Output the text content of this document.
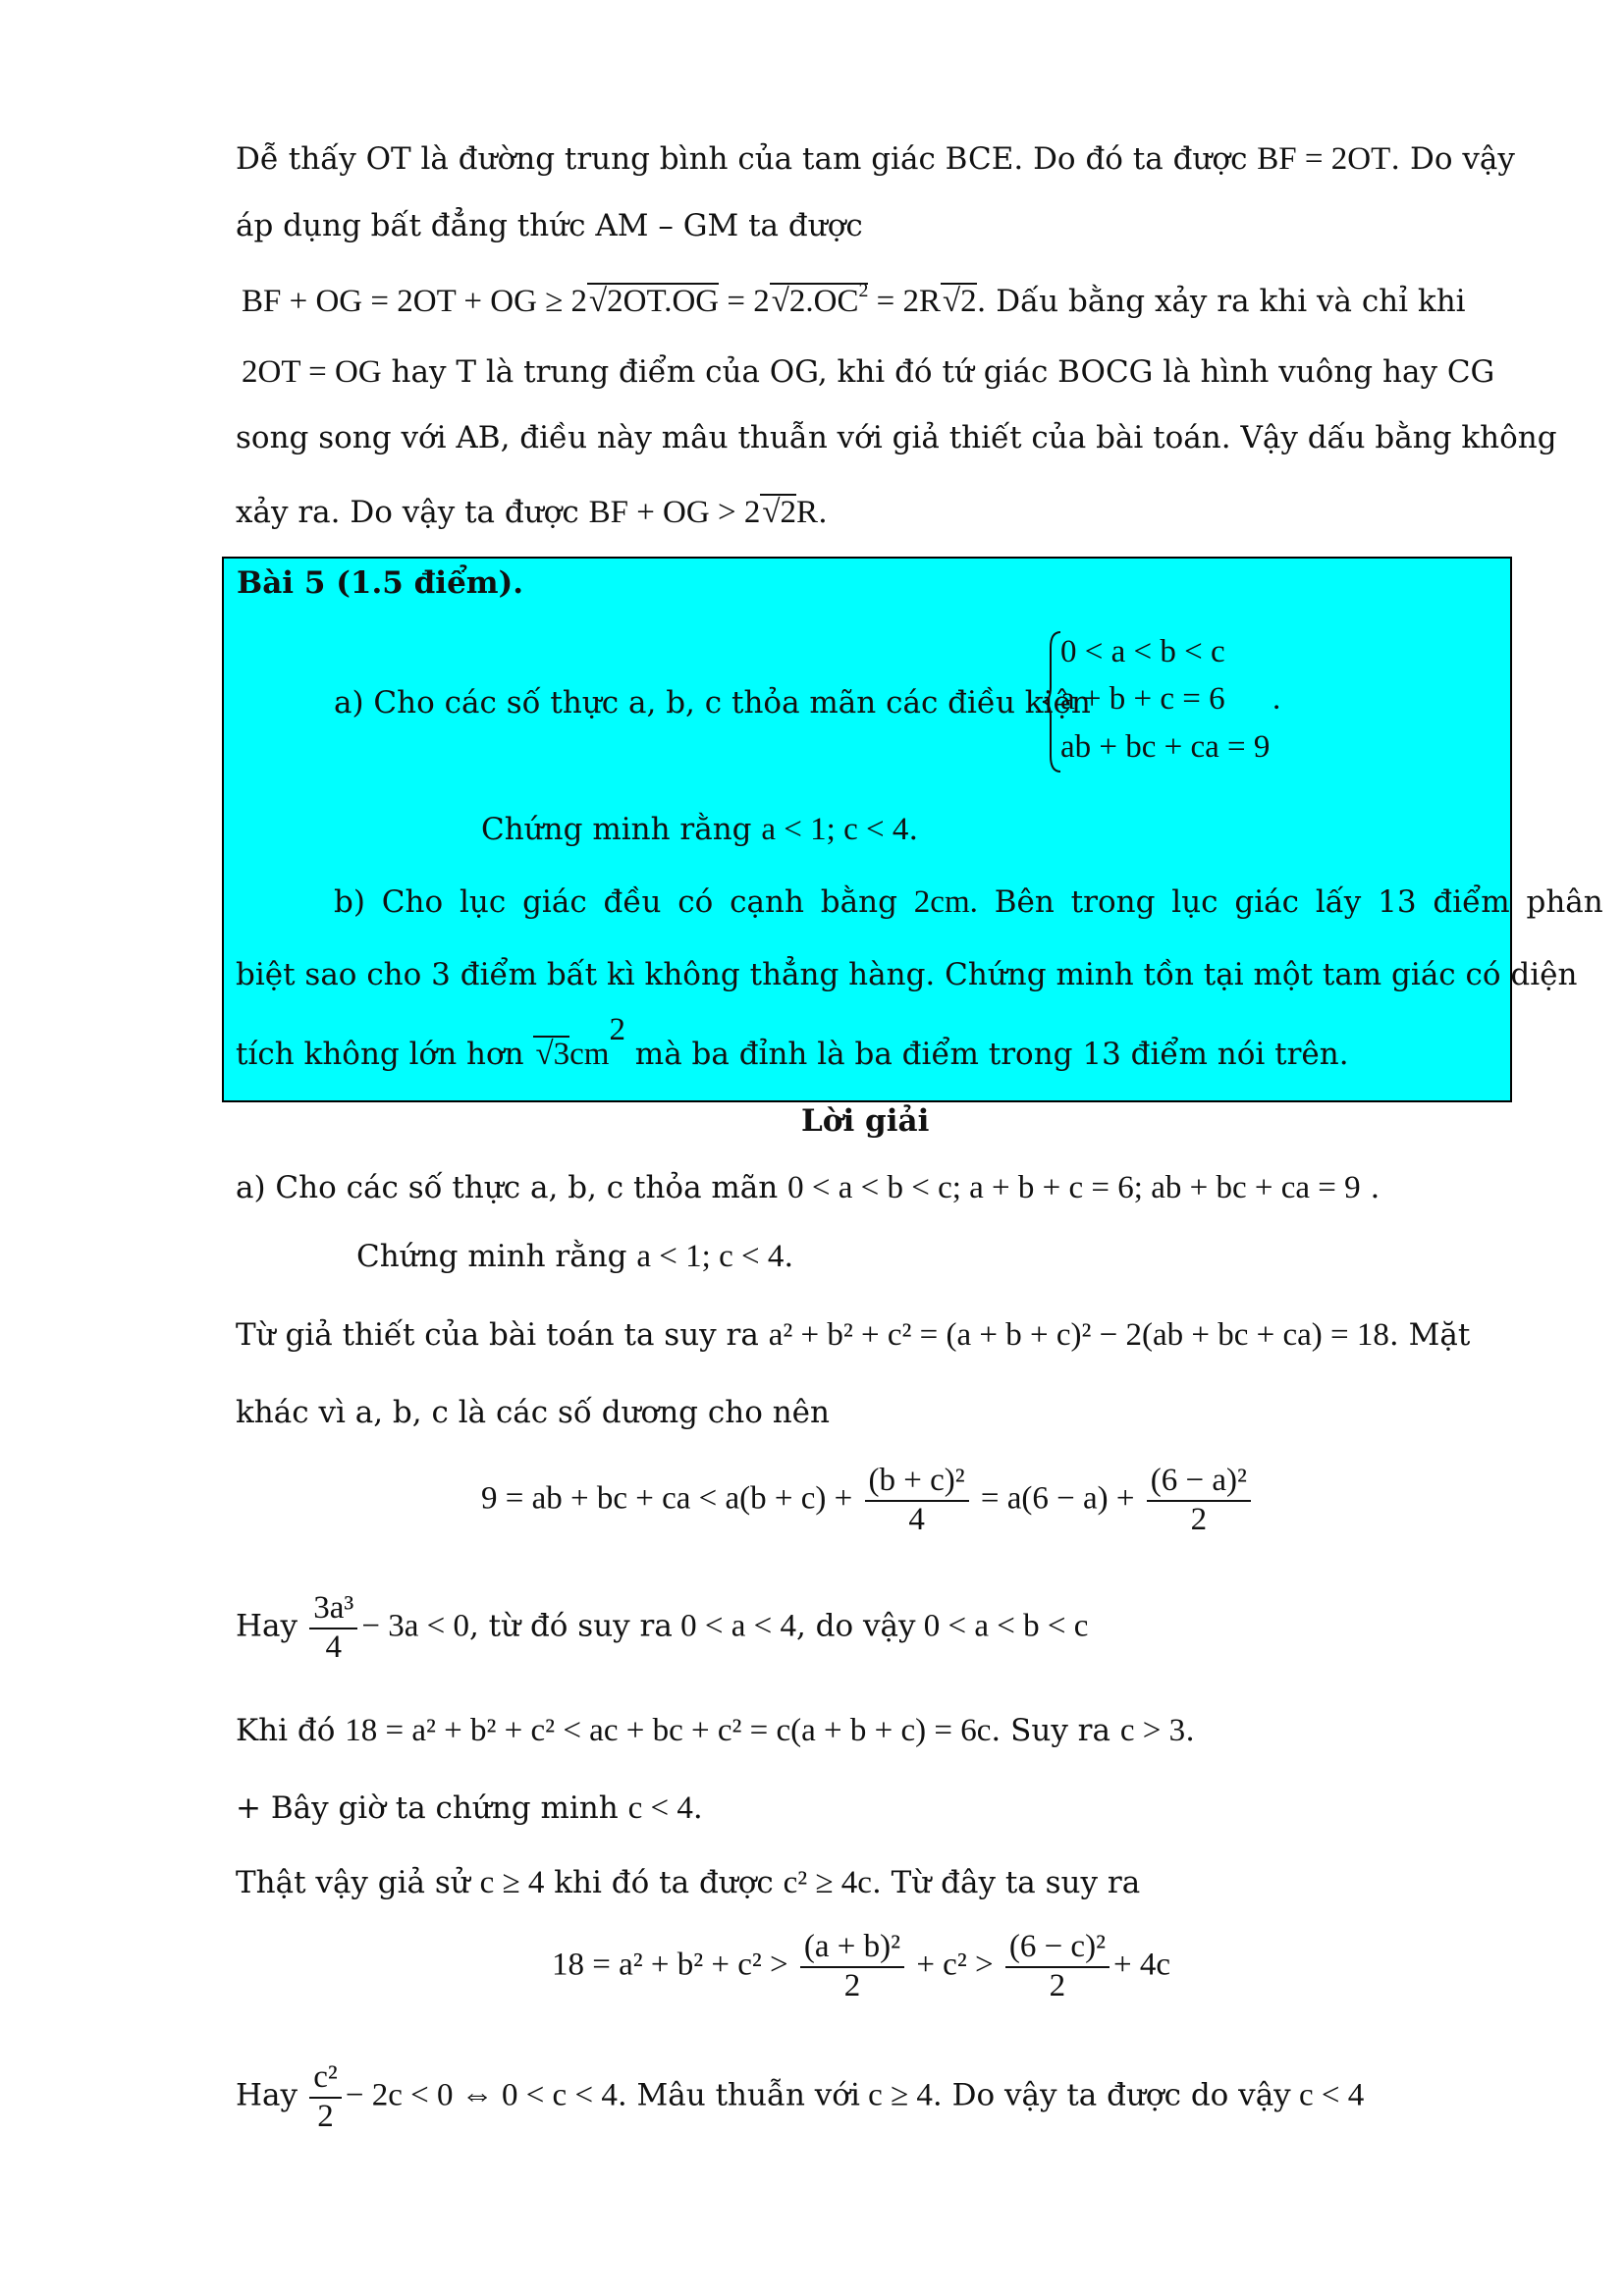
Dễ thấy OT là đường trung bình của tam giác BCE. Do đó ta được BF = 2OT. Do vậy
áp dụng bất đẳng thức AM – GM ta được
BF + OG = 2OT + OG ≥ $2√2OT.OG = 2√2.OC^2 = 2R√2$. Dấu bằng xảy ra khi và chỉ khi
2OT = OG hay T là trung điểm của OG, khi đó tứ giác BOCG là hình vuông hay CG
song song với AB, điều này mâu thuẫn với giả thiết của bài toán. Vậy dấu bằng không
xảy ra. Do vậy ta được BF + OG > 2√2R.
Bài 5 (1.5 điểm).
a) Cho các số thực a, b, c thỏa mãn các điều kiện
0 < a < b < c
a + b + c = 6
ab + bc + ca = 9
.
Chứng minh rằng a < 1; c < 4.
b) Cho lục giác đều có cạnh bằng 2cm. Bên trong lục giác lấy 13 điểm phân
biệt sao cho 3 điểm bất kì không thẳng hàng. Chứng minh tồn tại một tam giác có diện
tích không lớn hơn $√3cm^2$ mà ba đỉnh là ba điểm trong 13 điểm nói trên.
Lời giải
a) Cho các số thực a, b, c thỏa mãn 0 < a < b < c; a + b + c = 6; ab + bc + ca = 9 .
Chứng minh rằng a < 1; c < 4.
Từ giả thiết của bài toán ta suy ra a² + b² + c² = (a + b + c)² − 2(ab + bc + ca) = 18. Mặt
khác vì a, b, c là các số dương cho nên
9 = ab + bc + ca < $a(b + c) + \frac{\text{(b + c)²}}{4} = a(6 - a) + \frac{\text{(6 − a)²}}{2}$
Hay $\frac{\text{3a³}}{4} - 3a < 0$, từ đó suy ra 0 < a < 4, do vậy 0 < a < b < c
Khi đó 18 = a² + b² + c² < ac + bc + c² = c(a + b + c) = 6c. Suy ra c > 3.
+ Bây giờ ta chứng minh c < 4.
Thật vậy giả sử c ≥ 4 khi đó ta được c² ≥ 4c. Từ đây ta suy ra
$18 = a^2 + b^2 + c^2 > \frac{\text{(a + b)²}}{2} + c^2 > \frac{\text{(6 − c)²}}{2} + 4c$
Hay $\frac{\text{c²}}{2} - 2c < 0$ ⇔ 0 < c < 4. Mâu thuẫn với c ≥ 4. Do vậy ta được do vậy c < 4
